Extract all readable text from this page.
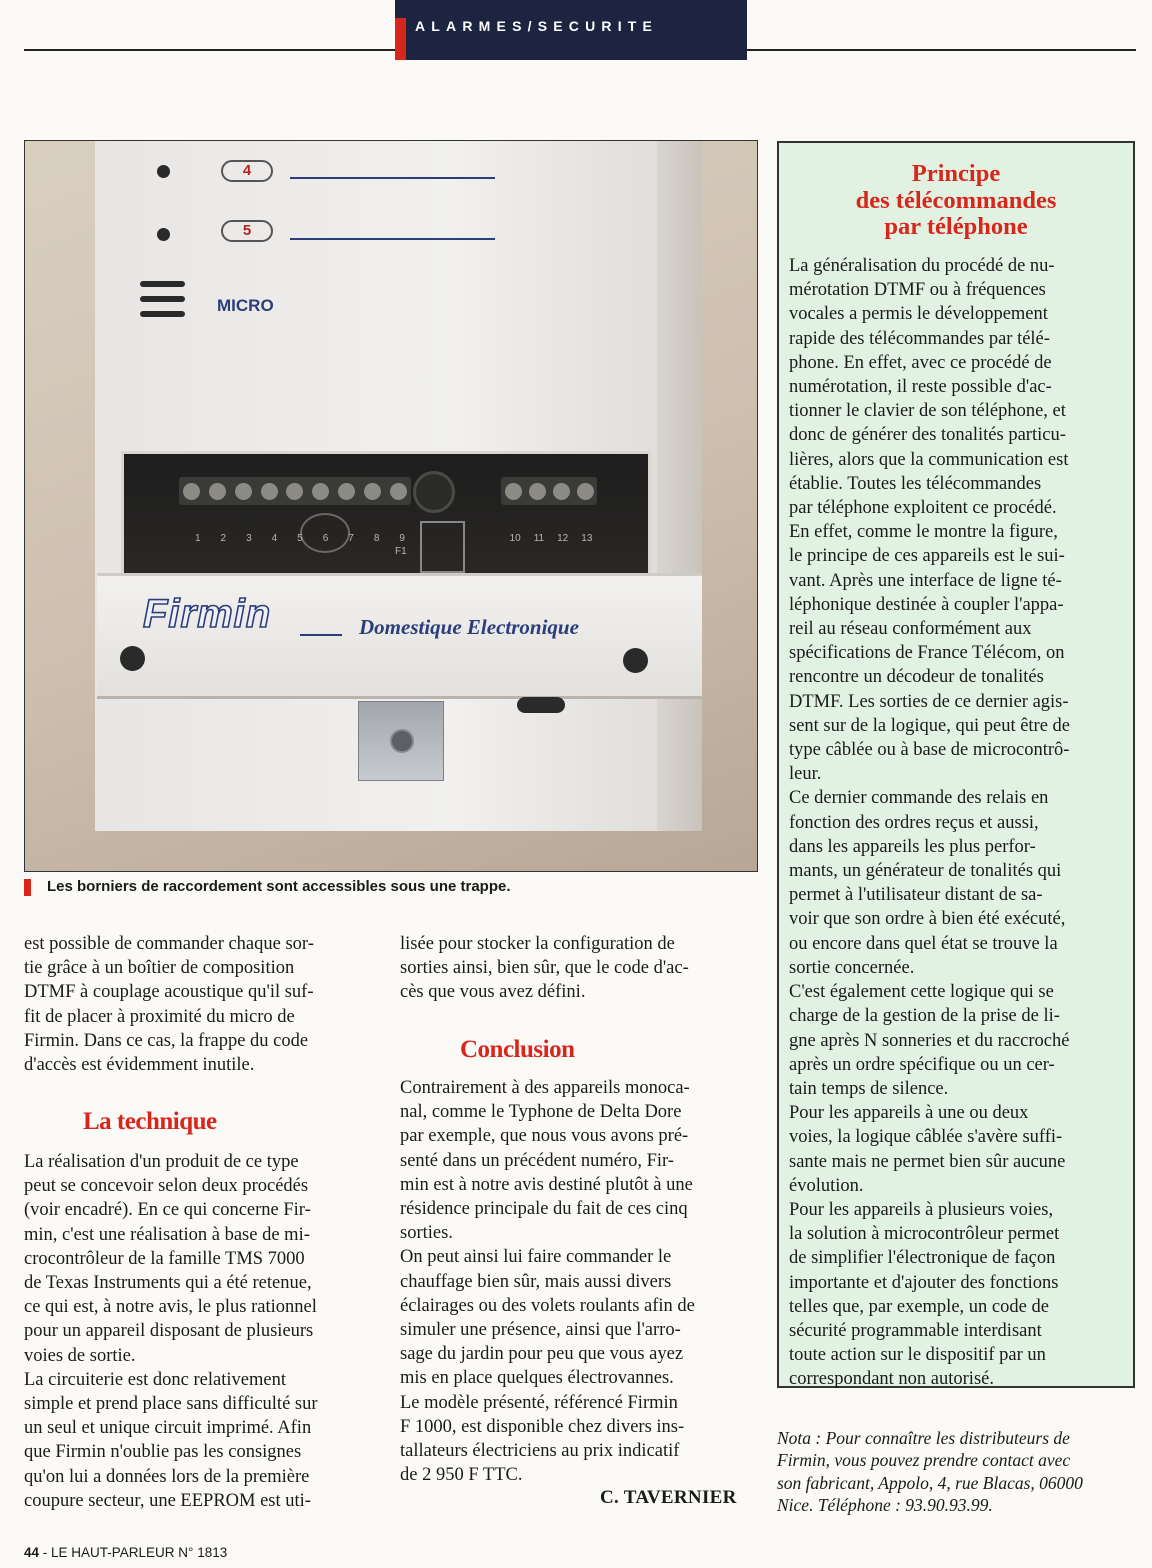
ALARMES/SECURITE
4
5
MICRO
1 2 3 4 5 6 7 8 9
F1
10 11 12 13
Firmin	Domestique Electronique
Les borniers de raccordement sont accessibles sous une trappe.

est possible de commander chaque sor-

tie grâce à un boîtier de composition

DTMF à couplage acoustique qu'il suf-

fit de placer à proximité du micro de

Firmin. Dans ce cas, la frappe du code

d'accès est évidemment inutile.

La technique

La réalisation d'un produit de ce type

peut se concevoir selon deux procédés

(voir encadré). En ce qui concerne Fir-

min, c'est une réalisation à base de mi-

crocontrôleur de la famille TMS 7000

de Texas Instruments qui a été retenue,

ce qui est, à notre avis, le plus rationnel

pour un appareil disposant de plusieurs

voies de sortie.

La circuiterie est donc relativement

simple et prend place sans difficulté sur

un seul et unique circuit imprimé. Afin

que Firmin n'oublie pas les consignes

qu'on lui a données lors de la première

coupure secteur, une EEPROM est uti-

lisée pour stocker la configuration de

sorties ainsi, bien sûr, que le code d'ac-

cès que vous avez défini.

Conclusion

Contrairement à des appareils monoca-

nal, comme le Typhone de Delta Dore

par exemple, que nous vous avons pré-

senté dans un précédent numéro, Fir-

min est à notre avis destiné plutôt à une

résidence principale du fait de ces cinq

sorties.

On peut ainsi lui faire commander le

chauffage bien sûr, mais aussi divers

éclairages ou des volets roulants afin de

simuler une présence, ainsi que l'arro-

sage du jardin pour peu que vous ayez

mis en place quelques électrovannes.

Le modèle présenté, référencé Firmin

F 1000, est disponible chez divers ins-

tallateurs électriciens au prix indicatif

de 2 950 F TTC.

C. TAVERNIER
Principe
des télécommandes
par téléphone

La généralisation du procédé de nu-

mérotation DTMF ou à fréquences

vocales a permis le développement

rapide des télécommandes par télé-

phone. En effet, avec ce procédé de

numérotation, il reste possible d'ac-

tionner le clavier de son téléphone, et

donc de générer des tonalités particu-

lières, alors que la communication est

établie. Toutes les télécommandes

par téléphone exploitent ce procédé.

En effet, comme le montre la figure,

le principe de ces appareils est le sui-

vant. Après une interface de ligne té-

léphonique destinée à coupler l'appa-

reil au réseau conformément aux

spécifications de France Télécom, on

rencontre un décodeur de tonalités

DTMF. Les sorties de ce dernier agis-

sent sur de la logique, qui peut être de

type câblée ou à base de microcontrô-

leur.

Ce dernier commande des relais en

fonction des ordres reçus et aussi,

dans les appareils les plus perfor-

mants, un générateur de tonalités qui

permet à l'utilisateur distant de sa-

voir que son ordre à bien été exécuté,

ou encore dans quel état se trouve la

sortie concernée.

C'est également cette logique qui se

charge de la gestion de la prise de li-

gne après N sonneries et du raccroché

après un ordre spécifique ou un cer-

tain temps de silence.

Pour les appareils à une ou deux

voies, la logique câblée s'avère suffi-

sante mais ne permet bien sûr aucune

évolution.

Pour les appareils à plusieurs voies,

la solution à microcontrôleur permet

de simplifier l'électronique de façon

importante et d'ajouter des fonctions

telles que, par exemple, un code de

sécurité programmable interdisant

toute action sur le dispositif par un

correspondant non autorisé.

Nota : Pour connaître les distributeurs de

Firmin, vous pouvez prendre contact avec

son fabricant, Appolo, 4, rue Blacas, 06000

Nice. Téléphone : 93.90.93.99.

44 - LE HAUT-PARLEUR N° 1813
